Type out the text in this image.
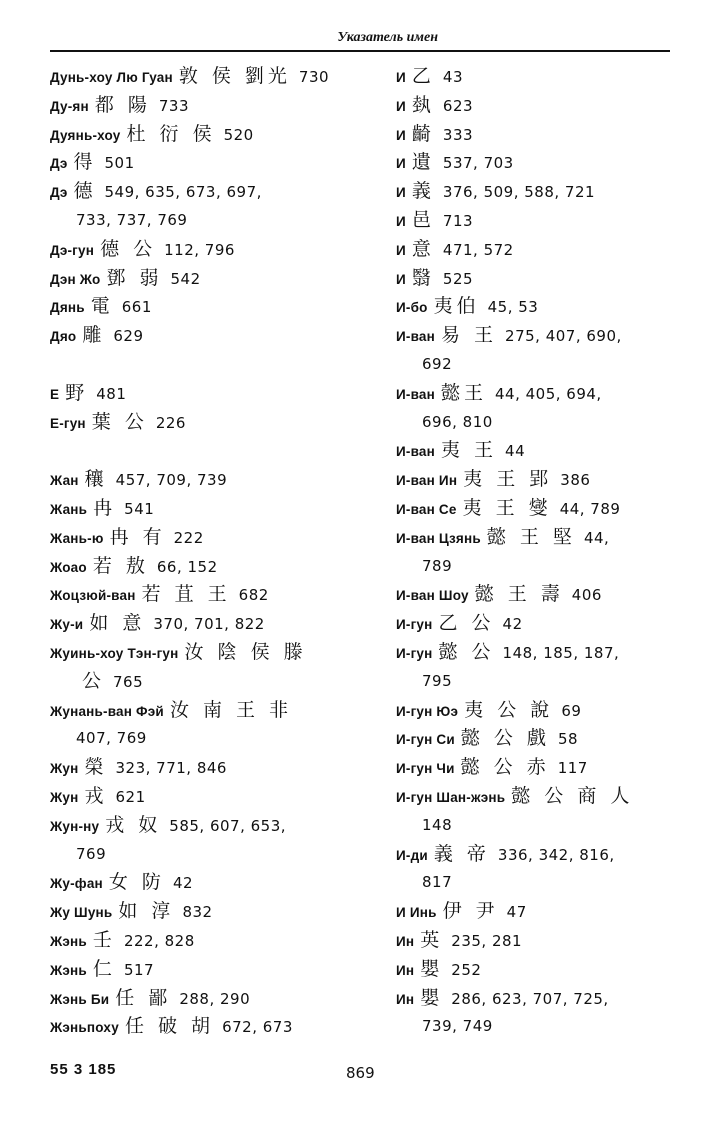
Указатель имен
Дунь-хоу Лю Гуан 敦 侯 劉光 730
Ду-ян 都 陽 733
Дуянь-хоу 杜 衍 侯 520
Дэ 得 501
Дэ 德 549, 635, 673, 697,
733, 737, 769
Дэ-гун 德 公 112, 796
Дэн Жо 鄧 弱 542
Дянь 電 661
Дяо 雕 629
Е 野 481
Е-гун 葉 公 226
Жан 穰 457, 709, 739
Жань 冉 541
Жань-ю 冉 有 222
Жоао 若 敖 66, 152
Жоцзюй-ван 若 苴 王 682
Жу-и 如 意 370, 701, 822
Жуинь-хоу Тэн-гун 汝 陰 侯 滕
公 765
Жунань-ван Фэй 汝 南 王 非
407, 769
Жун 榮 323, 771, 846
Жун 戎 621
Жун-ну 戎 奴 585, 607, 653,
769
Жу-фан 女 防 42
Жу Шунь 如 淳 832
Жэнь 壬 222, 828
Жэнь 仁 517
Жэнь Би 任 鄙 288, 290
Жэньпоху 任 破 胡 672, 673
И 乙 43
И 埶 623
И 齮 333
И 遺 537, 703
И 義 376, 509, 588, 721
И 邑 713
И 意 471, 572
И 翳 525
И-бо 夷伯 45, 53
И-ван 易 王 275, 407, 690,
692
И-ван 懿王 44, 405, 694,
696, 810
И-ван 夷 王 44
И-ван Ин 夷 王 郢 386
И-ван Се 夷 王 燮 44, 789
И-ван Цзянь 懿 王 堅 44,
789
И-ван Шоу 懿 王 壽 406
И-гун 乙 公 42
И-гун 懿 公 148, 185, 187,
795
И-гун Юэ 夷 公 說 69
И-гун Си 懿 公 戲 58
И-гун Чи 懿 公 赤 117
И-гун Шан-жэнь 懿 公 商 人
148
И-ди 義 帝 336, 342, 816,
817
И Инь 伊 尹 47
Ин 英 235, 281
Ин 嬰 252
Ин 嬰 286, 623, 707, 725,
739, 749
55 3 185	869
